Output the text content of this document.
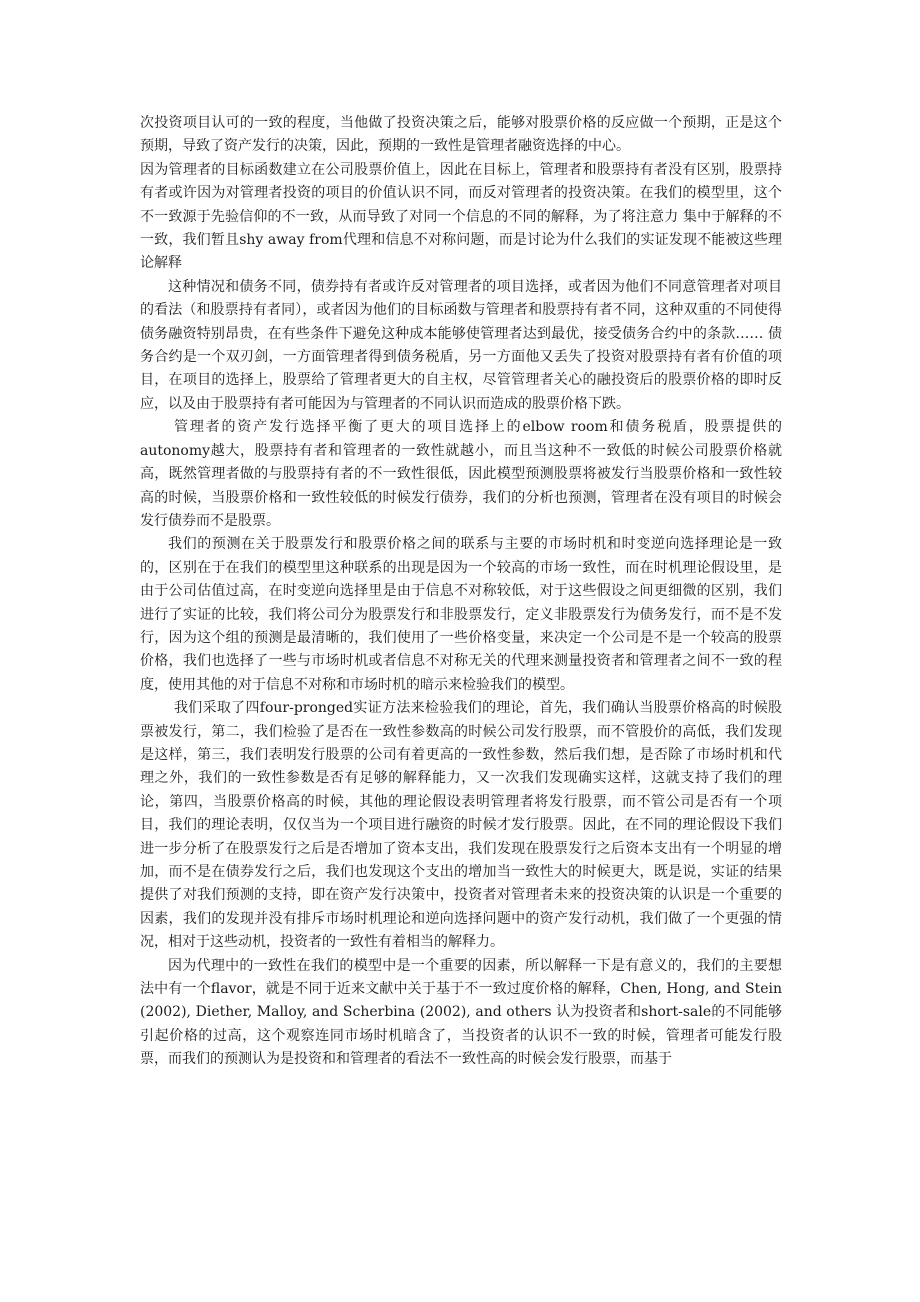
次投资项目认可的一致的程度，当他做了投资决策之后，能够对股票价格的反应做一个预期，正是这个预期，导致了资产发行的决策，因此，预期的一致性是管理者融资选择的中心。

因为管理者的目标函数建立在公司股票价值上，因此在目标上，管理者和股票持有者没有区别，股票持有者或许因为对管理者投资的项目的价值认识不同，而反对管理者的投资决策。在我们的模型里，这个不一致源于先验信仰的不一致，从而导致了对同一个信息的不同的解释，为了将注意力 集中于解释的不一致，我们暂且shy away from代理和信息不对称问题，而是讨论为什么我们的实证发现不能被这些理论解释

这种情况和债务不同，债券持有者或许反对管理者的项目选择，或者因为他们不同意管理者对项目的看法（和股票持有者同），或者因为他们的目标函数与管理者和股票持有者不同，这种双重的不同使得债务融资特别昂贵，在有些条件下避免这种成本能够使管理者达到最优，接受债务合约中的条款…… 债务合约是一个双刃剑，一方面管理者得到债务税盾，另一方面他又丢失了投资对股票持有者有价值的项目，在项目的选择上，股票给了管理者更大的自主权，尽管管理者关心的融投资后的股票价格的即时反应，以及由于股票持有者可能因为与管理者的不同认识而造成的股票价格下跌。

管理者的资产发行选择平衡了更大的项目选择上的elbow room和债务税盾，股票提供的autonomy越大，股票持有者和管理者的一致性就越小，而且当这种不一致低的时候公司股票价格就高，既然管理者做的与股票持有者的不一致性很低，因此模型预测股票将被发行当股票价格和一致性较高的时候，当股票价格和一致性较低的时候发行债券，我们的分析也预测，管理者在没有项目的时候会发行债券而不是股票。

我们的预测在关于股票发行和股票价格之间的联系与主要的市场时机和时变逆向选择理论是一致的，区别在于在我们的模型里这种联系的出现是因为一个较高的市场一致性，而在时机理论假设里，是由于公司估值过高，在时变逆向选择里是由于信息不对称较低，对于这些假设之间更细微的区别，我们进行了实证的比较，我们将公司分为股票发行和非股票发行，定义非股票发行为债务发行，而不是不发行，因为这个组的预测是最清晰的，我们使用了一些价格变量，来决定一个公司是不是一个较高的股票价格，我们也选择了一些与市场时机或者信息不对称无关的代理来测量投资者和管理者之间不一致的程度，使用其他的对于信息不对称和市场时机的暗示来检验我们的模型。

我们采取了四four-pronged实证方法来检验我们的理论，首先，我们确认当股票价格高的时候股票被发行，第二，我们检验了是否在一致性参数高的时候公司发行股票，而不管股价的高低，我们发现是这样，第三，我们表明发行股票的公司有着更高的一致性参数，然后我们想，是否除了市场时机和代理之外，我们的一致性参数是否有足够的解释能力，又一次我们发现确实这样，这就支持了我们的理论，第四，当股票价格高的时候，其他的理论假设表明管理者将发行股票，而不管公司是否有一个项目，我们的理论表明，仅仅当为一个项目进行融资的时候才发行股票。因此，在不同的理论假设下我们进一步分析了在股票发行之后是否增加了资本支出，我们发现在股票发行之后资本支出有一个明显的增加，而不是在债券发行之后，我们也发现这个支出的增加当一致性大的时候更大，既是说，实证的结果提供了对我们预测的支持，即在资产发行决策中，投资者对管理者未来的投资决策的认识是一个重要的因素，我们的发现并没有排斥市场时机理论和逆向选择问题中的资产发行动机，我们做了一个更强的情况，相对于这些动机，投资者的一致性有着相当的解释力。

因为代理中的一致性在我们的模型中是一个重要的因素，所以解释一下是有意义的，我们的主要想法中有一个flavor，就是不同于近来文献中关于基于不一致过度价格的解释，Chen, Hong, and Stein (2002), Diether, Malloy, and Scherbina (2002), and others 认为投资者和short-sale的不同能够引起价格的过高，这个观察连同市场时机暗含了，当投资者的认识不一致的时候，管理者可能发行股票，而我们的预测认为是投资和和管理者的看法不一致性高的时候会发行股票，而基于
